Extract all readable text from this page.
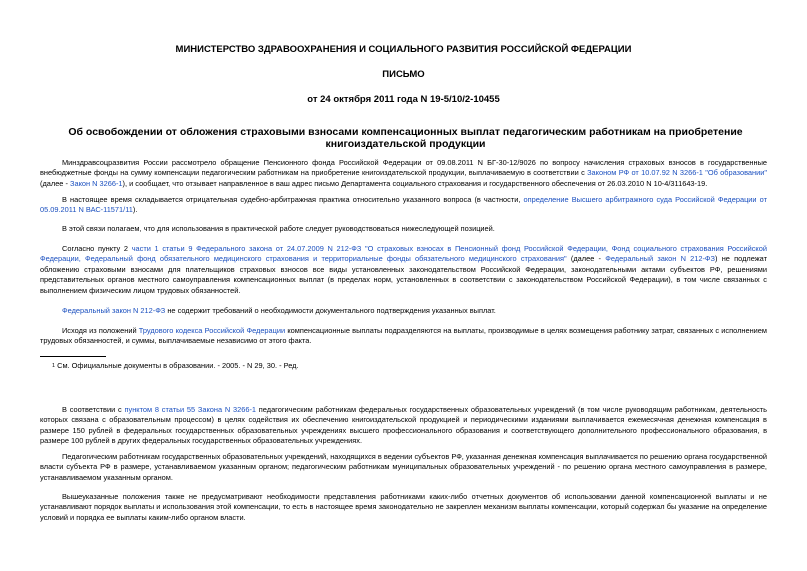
МИНИСТЕРСТВО ЗДРАВООХРАНЕНИЯ И СОЦИАЛЬНОГО РАЗВИТИЯ РОССИЙСКОЙ ФЕДЕРАЦИИ
ПИСЬМО
от 24 октября 2011 года N 19-5/10/2-10455
Об освобождении от обложения страховыми взносами компенсационных выплат педагогическим работникам на приобретение книгоиздательской продукции
Минздравсоцразвития России рассмотрело обращение Пенсионного фонда Российской Федерации от 09.08.2011 N БГ-30-12/9026 по вопросу начисления страховых взносов в государственные внебюджетные фонды на сумму компенсации педагогическим работникам на приобретение книгоиздательской продукции, выплачиваемую в соответствии с Законом РФ от 10.07.92 N 3266-1 "Об образовании" (далее - Закон N 3266-1), и сообщает, что отзывает направленное в ваш адрес письмо Департамента социального страхования и государственного обеспечения от 26.03.2010 N 10-4/311643-19.
В настоящее время складывается отрицательная судебно-арбитражная практика относительно указанного вопроса (в частности, определение Высшего арбитражного суда Российской Федерации от 05.09.2011 N ВАС-11571/11).
В этой связи полагаем, что для использования в практической работе следует руководствоваться нижеследующей позицией.
Согласно пункту 2 части 1 статьи 9 Федерального закона от 24.07.2009 N 212-ФЗ "О страховых взносах в Пенсионный фонд Российской Федерации, Фонд социального страхования Российской Федерации, Федеральный фонд обязательного медицинского страхования и территориальные фонды обязательного медицинского страхования" (далее - Федеральный закон N 212-ФЗ) не подлежат обложению страховыми взносами для плательщиков страховых взносов все виды установленных законодательством Российской Федерации, законодательными актами субъектов РФ, решениями представительных органов местного самоуправления компенсационных выплат (в пределах норм, установленных в соответствии с законодательством Российской Федерации), в том числе связанных с выполнением физическим лицом трудовых обязанностей.
Федеральный закон N 212-ФЗ не содержит требований о необходимости документального подтверждения указанных выплат.
Исходя из положений Трудового кодекса Российской Федерации компенсационные выплаты подразделяются на выплаты, производимые в целях возмещения работнику затрат, связанных с исполнением трудовых обязанностей, и суммы, выплачиваемые независимо от этого факта.
$^1$ См. Официальные документы в образовании. - 2005. - N 29, 30. - Ред.
В соответствии с пунктом 8 статьи 55 Закона N 3266-1 педагогическим работникам федеральных государственных образовательных учреждений (в том числе руководящим работникам, деятельность которых связана с образовательным процессом) в целях содействия их обеспечению книгоиздательской продукцией и периодическими изданиями выплачивается ежемесячная денежная компенсация в размере 150 рублей в федеральных государственных образовательных учреждениях высшего профессионального образования и соответствующего дополнительного профессионального образования, в размере 100 рублей в других федеральных государственных образовательных учреждениях.
Педагогическим работникам государственных образовательных учреждений, находящихся в ведении субъектов РФ, указанная денежная компенсация выплачивается по решению органа государственной власти субъекта РФ в размере, устанавливаемом указанным органом; педагогическим работникам муниципальных образовательных учреждений - по решению органа местного самоуправления в размере, устанавливаемом указанным органом.
Вышеуказанные положения также не предусматривают необходимости представления работниками каких-либо отчетных документов об использовании данной компенсационной выплаты и не устанавливают порядок выплаты и использования этой компенсации, то есть в настоящее время законодательно не закреплен механизм выплаты компенсации, который содержал бы указание на определение условий и порядка ее выплаты каким-либо органом власти.
